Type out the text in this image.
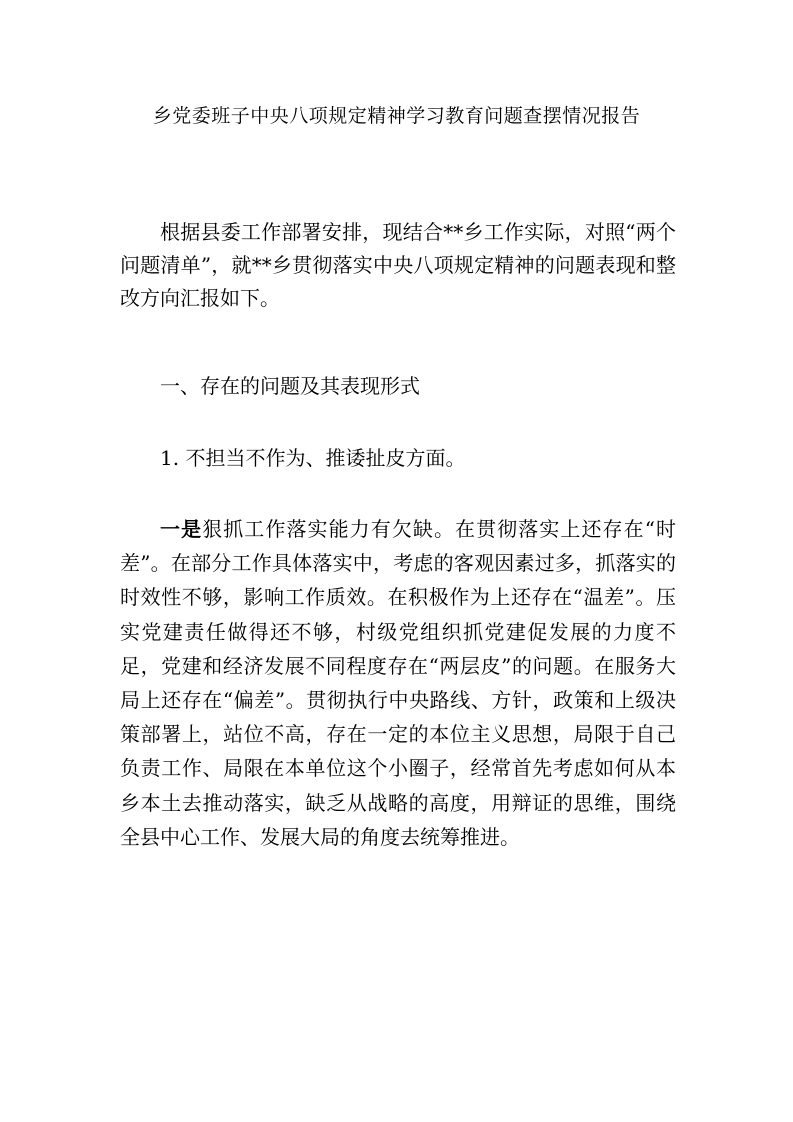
乡党委班子中央八项规定精神学习教育问题查摆情况报告

根据县委工作部署安排，现结合**乡工作实际，对照“两个问题清单”，就**乡贯彻落实中央八项规定精神的问题表现和整改方向汇报如下。

一、存在的问题及其表现形式
1. 不担当不作为、推诿扯皮方面。
一是狠抓工作落实能力有欠缺。在贯彻落实上还存在“时差”。在部分工作具体落实中，考虑的客观因素过多，抓落实的时效性不够，影响工作质效。在积极作为上还存在“温差”。压实党建责任做得还不够，村级党组织抓党建促发展的力度不足，党建和经济发展不同程度存在“两层皮”的问题。在服务大局上还存在“偏差”。贯彻执行中央路线、方针，政策和上级决策部署上，站位不高，存在一定的本位主义思想，局限于自己负责工作、局限在本单位这个小圈子，经常首先考虑如何从本乡本土去推动落实，缺乏从战略的高度，用辩证的思维，围绕全县中心工作、发展大局的角度去统筹推进。
